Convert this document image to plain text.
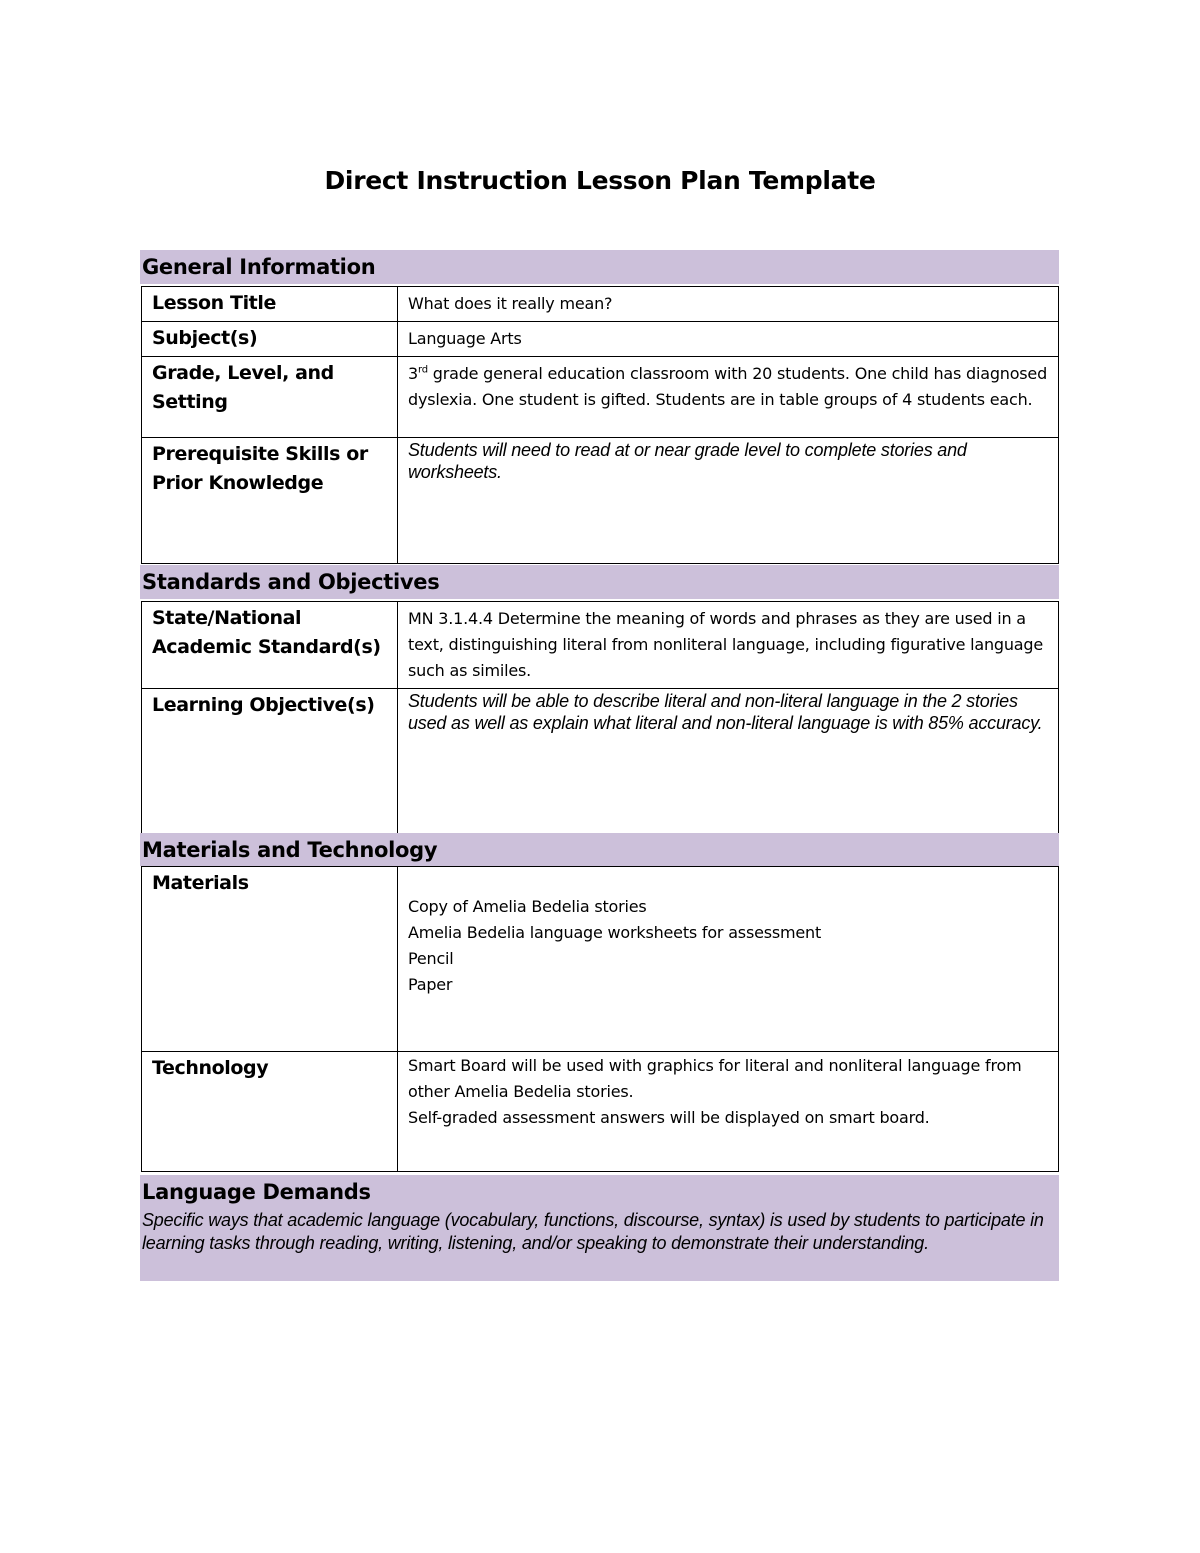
Direct Instruction Lesson Plan Template
General Information
Lesson Title	What does it really mean?
Subject(s)	Language Arts
Grade, Level, and Setting	3rd grade general education classroom with 20 students. One child has diagnosed dyslexia. One student is gifted. Students are in table groups of 4 students each.
Prerequisite Skills or Prior Knowledge	Students will need to read at or near grade level to complete stories and worksheets.
Standards and Objectives
State/National Academic Standard(s)	MN 3.1.4.4 Determine the meaning of words and phrases as they are used in a text, distinguishing literal from nonliteral language, including figurative language such as similes.
Learning Objective(s)	Students will be able to describe literal and non-literal language in the 2 stories used as well as explain what literal and non-literal language is with 85% accuracy.
Materials and Technology
Materials	Copy of Amelia Bedelia stories
Amelia Bedelia language worksheets for assessment
Pencil
Paper

Technology	Smart Board will be used with graphics for literal and nonliteral language from other Amelia Bedelia stories.
Self-graded assessment answers will be displayed on smart board.
Language Demands
Specific ways that academic language (vocabulary, functions, discourse, syntax) is used by students to participate in learning tasks through reading, writing, listening, and/or speaking to demonstrate their understanding.
